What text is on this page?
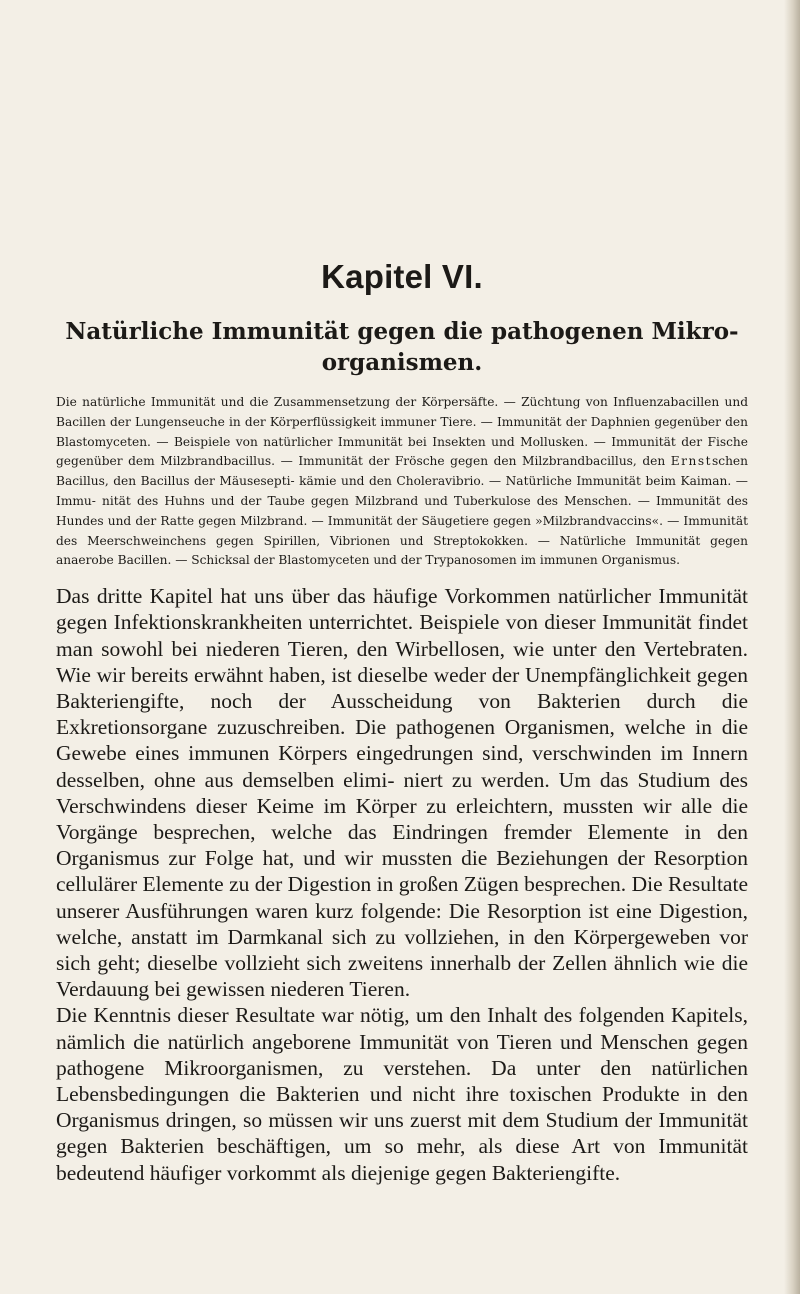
Kapitel VI.
Natürliche Immunität gegen die pathogenen Mikro- organismen.
Die natürliche Immunität und die Zusammensetzung der Körpersäfte. — Züchtung von Influenzabacillen und Bacillen der Lungenseuche in der Körperflüssigkeit immuner Tiere. — Immunität der Daphnien gegenüber den Blastomyceten. — Beispiele von natürlicher Immunität bei Insekten und Mollusken. — Immunität der Fische gegenüber dem Milzbrandbacillus. — Immunität der Frösche gegen den Milzbrandbacillus, den Ernstschen Bacillus, den Bacillus der Mäusesepti- kämie und den Choleravibrio. — Natürliche Immunität beim Kaiman. — Immu- nität des Huhns und der Taube gegen Milzbrand und Tuberkulose des Menschen. — Immunität des Hundes und der Ratte gegen Milzbrand. — Immunität der Säugetiere gegen »Milzbrandvaccins«. — Immunität des Meerschweinchens gegen Spirillen, Vibrionen und Streptokokken. — Natürliche Immunität gegen anaerobe Bacillen. — Schicksal der Blastomyceten und der Trypanosomen im immunen Organismus.

Das dritte Kapitel hat uns über das häufige Vorkommen natürlicher Immunität gegen Infektionskrankheiten unterrichtet. Beispiele von dieser Immunität findet man sowohl bei niederen Tieren, den Wirbellosen, wie unter den Vertebraten. Wie wir bereits erwähnt haben, ist dieselbe weder der Unempfänglichkeit gegen Bakteriengifte, noch der Ausscheidung von Bakterien durch die Exkretionsorgane zuzuschreiben. Die pathogenen Organismen, welche in die Gewebe eines immunen Körpers eingedrungen sind, verschwinden im Innern desselben, ohne aus demselben elimi- niert zu werden. Um das Studium des Verschwindens dieser Keime im Körper zu erleichtern, mussten wir alle die Vorgänge besprechen, welche das Eindringen fremder Elemente in den Organismus zur Folge hat, und wir mussten die Beziehungen der Resorption cellulärer Elemente zu der Digestion in großen Zügen besprechen. Die Resultate unserer Ausführungen waren kurz folgende: Die Resorption ist eine Digestion, welche, anstatt im Darmkanal sich zu vollziehen, in den Körpergeweben vor sich geht; dieselbe vollzieht sich zweitens innerhalb der Zellen ähnlich wie die Verdauung bei gewissen niederen Tieren.

Die Kenntnis dieser Resultate war nötig, um den Inhalt des folgenden Kapitels, nämlich die natürlich angeborene Immunität von Tieren und Menschen gegen pathogene Mikroorganismen, zu verstehen. Da unter den natürlichen Lebensbedingungen die Bakterien und nicht ihre toxischen Produkte in den Organismus dringen, so müssen wir uns zuerst mit dem Studium der Immunität gegen Bakterien beschäftigen, um so mehr, als diese Art von Immunität bedeutend häufiger vorkommt als diejenige gegen Bakteriengifte.
